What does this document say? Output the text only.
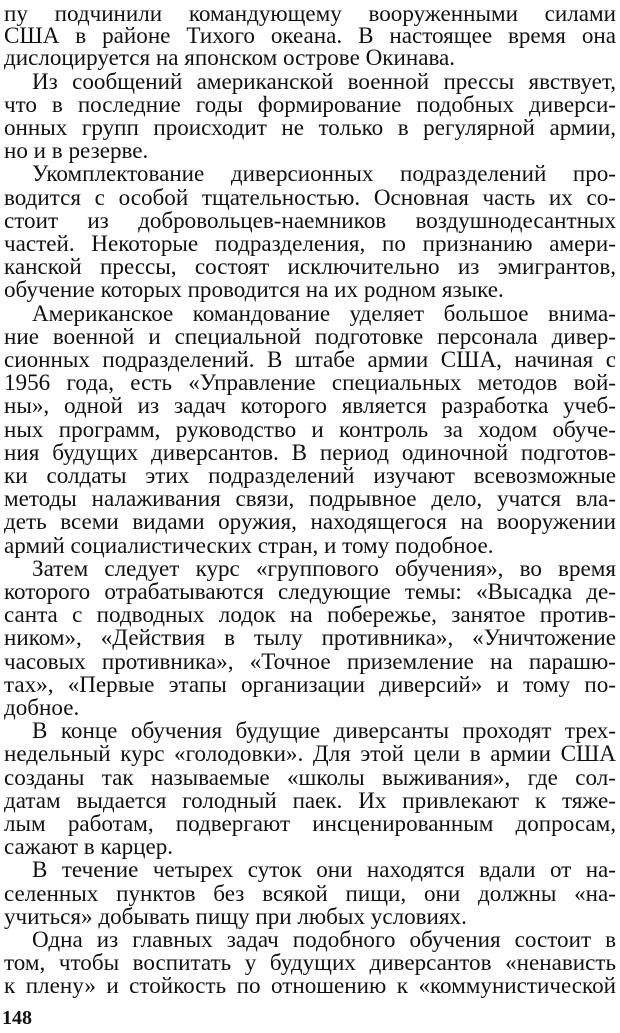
пу подчинили командующему вооруженными силами
США в районе Тихого океана. В настоящее время она
дислоцируется на японском острове Окинава.
Из сообщений американской военной прессы явствует,
что в последние годы формирование подобных диверси-
онных групп происходит не только в регулярной армии,
но и в резерве.
Укомплектование диверсионных подразделений про-
водится с особой тщательностью. Основная часть их со-
стоит из добровольцев-наемников воздушнодесантных
частей. Некоторые подразделения, по признанию амери-
канской прессы, состоят исключительно из эмигрантов,
обучение которых проводится на их родном языке.
Американское командование уделяет большое внима-
ние военной и специальной подготовке персонала дивер-
сионных подразделений. В штабе армии США, начиная с
1956 года, есть «Управление специальных методов вой-
ны», одной из задач которого является разработка учеб-
ных программ, руководство и контроль за ходом обуче-
ния будущих диверсантов. В период одиночной подготов-
ки солдаты этих подразделений изучают всевозможные
методы налаживания связи, подрывное дело, учатся вла-
деть всеми видами оружия, находящегося на вооружении
армий социалистических стран, и тому подобное.
Затем следует курс «группового обучения», во время
которого отрабатываются следующие темы: «Высадка де-
санта с подводных лодок на побережье, занятое против-
ником», «Действия в тылу противника», «Уничтожение
часовых противника», «Точное приземление на парашю-
тах», «Первые этапы организации диверсий» и тому по-
добное.
В конце обучения будущие диверсанты проходят трех-
недельный курс «голодовки». Для этой цели в армии США
созданы так называемые «школы выживания», где сол-
датам выдается голодный паек. Их привлекают к тяже-
лым работам, подвергают инсценированным допросам,
сажают в карцер.
В течение четырех суток они находятся вдали от на-
селенных пунктов без всякой пищи, они должны «на-
учиться» добывать пищу при любых условиях.
Одна из главных задач подобного обучения состоит в
том, чтобы воспитать у будущих диверсантов «ненависть
к плену» и стойкость по отношению к «коммунистической
148
